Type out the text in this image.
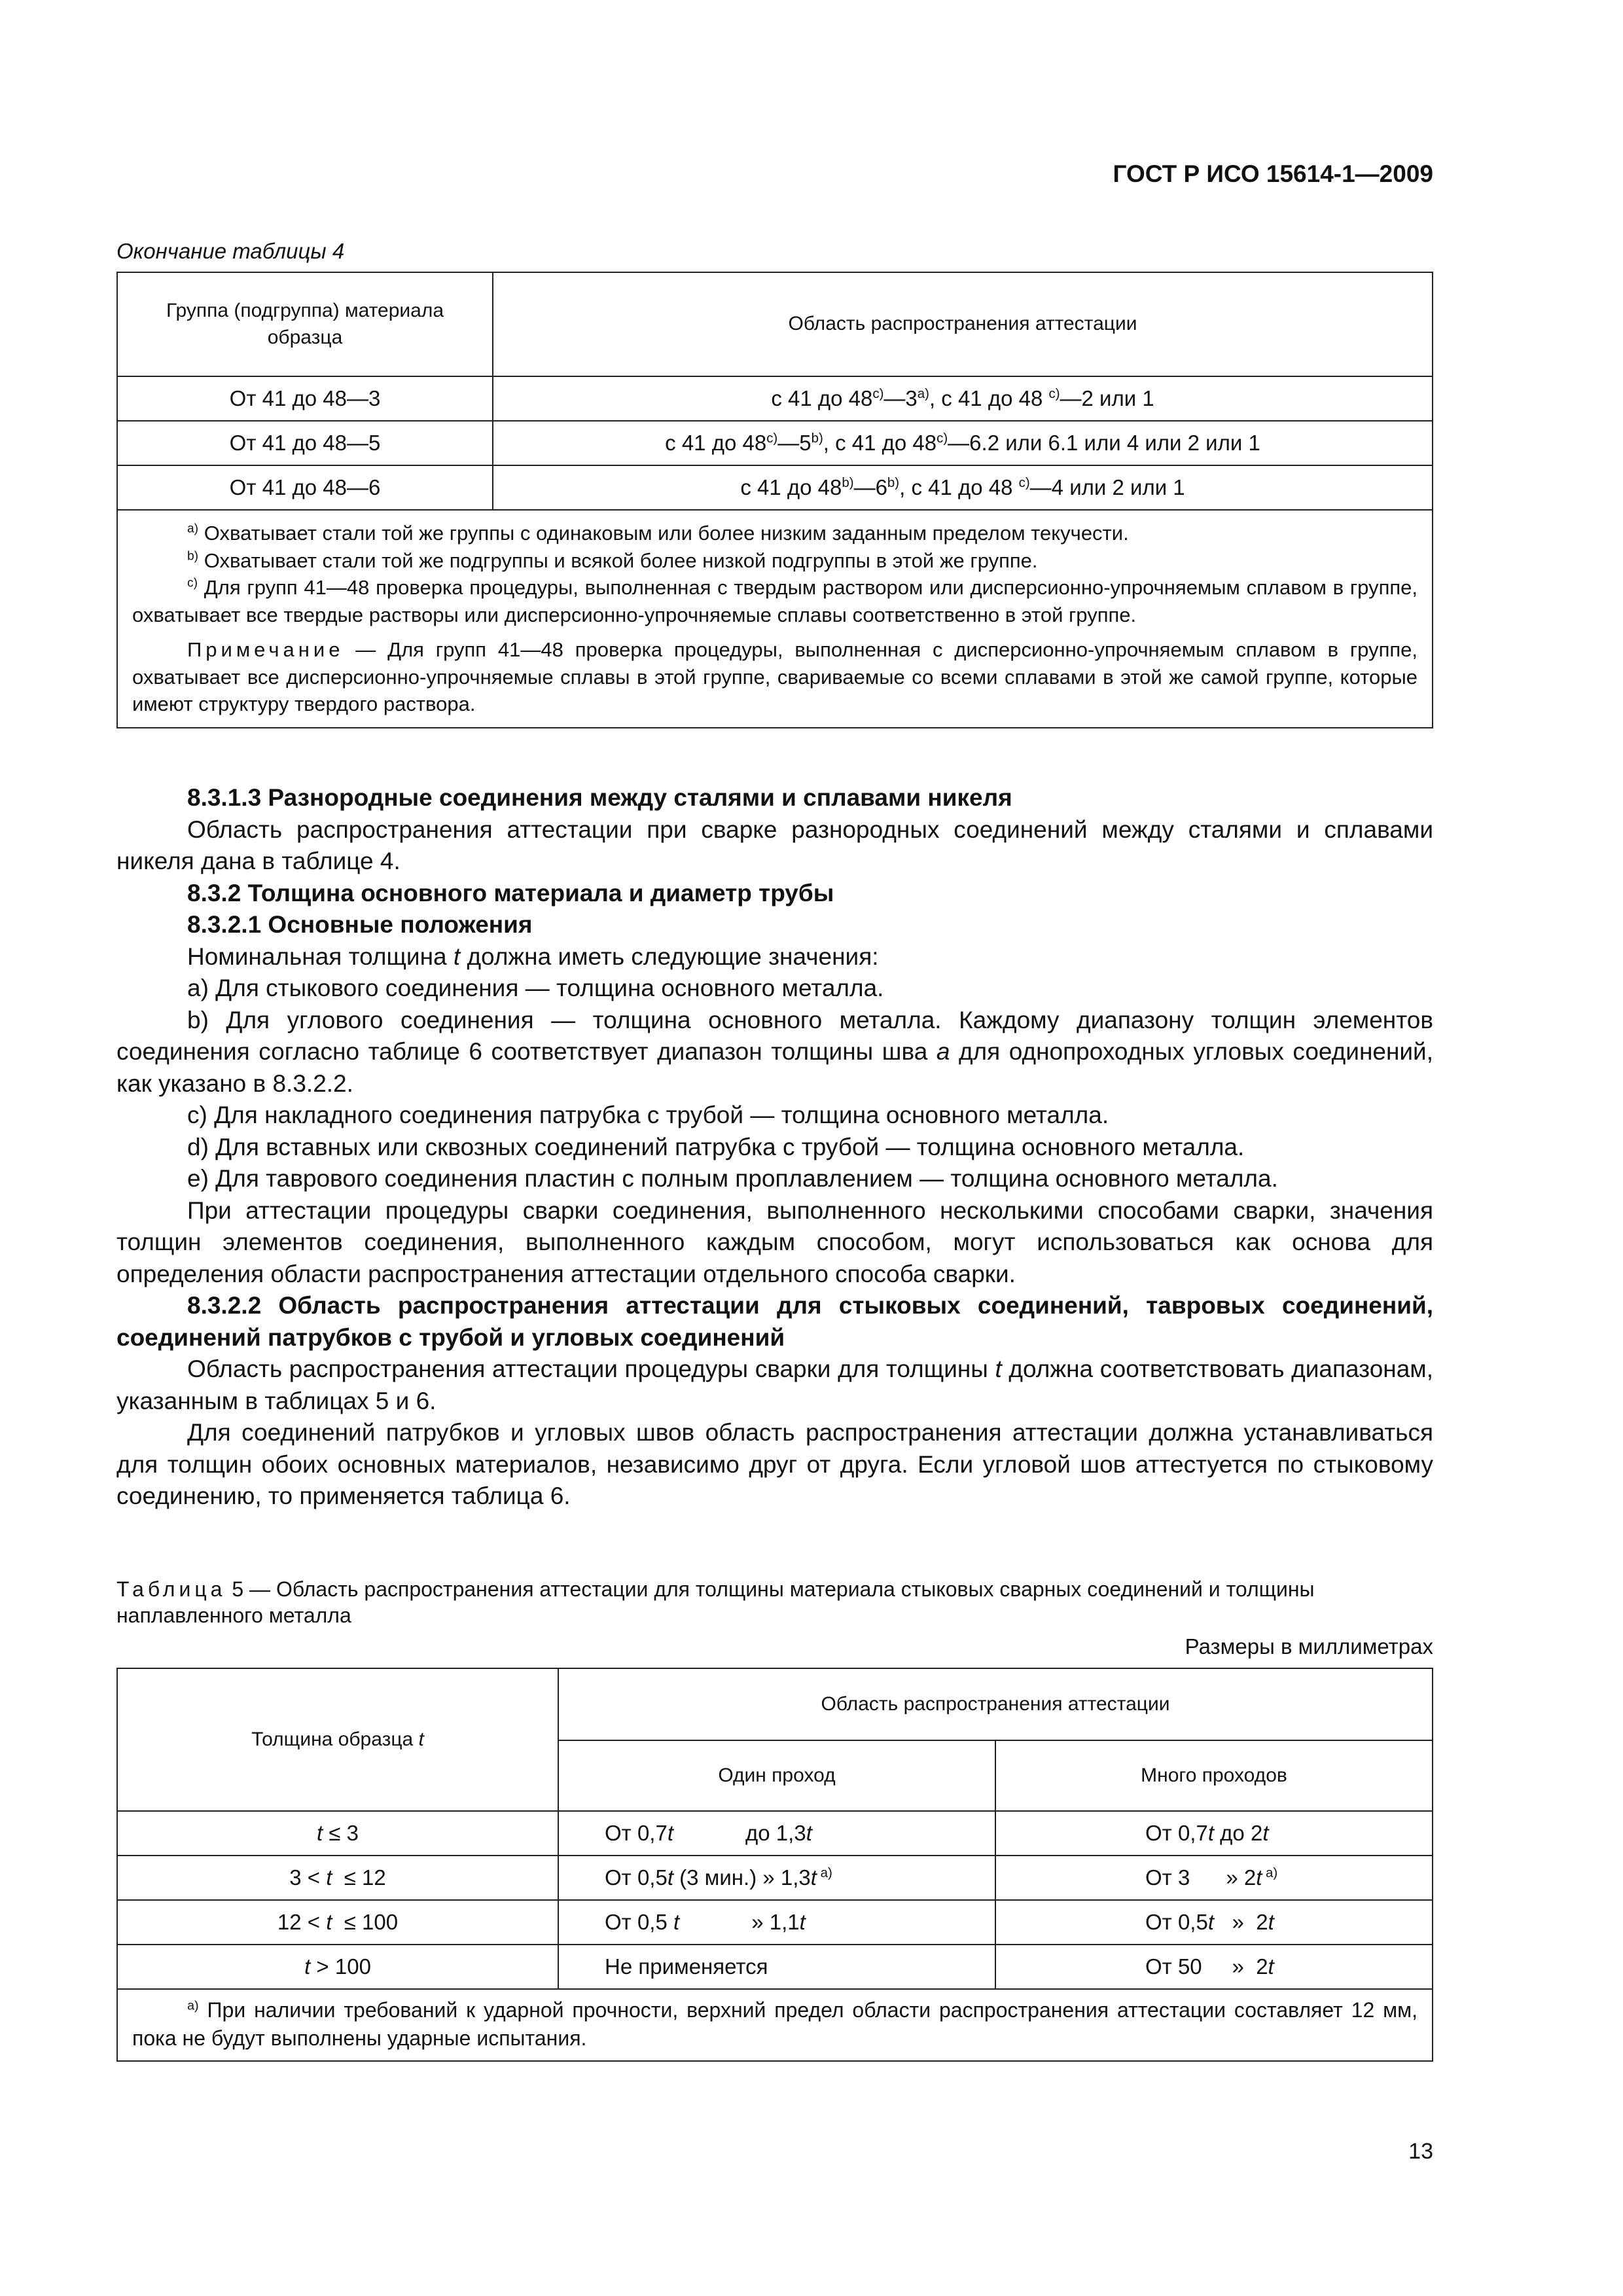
ГОСТ Р ИСО 15614-1—2009
Окончание таблицы 4
Группа (подгруппа) материала образца	Область распространения аттестации
От 41 до 48—3	с 41 до 48$^{c)}$—3$^{a)}$, с 41 до 48 $^{c)}$—2 или 1
От 41 до 48—5	с 41 до 48$^{c)}$—5$^{b)}$, с 41 до 48$^{c)}$—6.2 или 6.1 или 4 или 2 или 1
От 41 до 48—6	с 41 до 48$^{b)}$—6$^{b)}$, с 41 до 48 $^{c)}$—4 или 2 или 1

$^{a)}$ Охватывает стали той же группы с одинаковым или более низким заданным пределом текучести.

$^{b)}$ Охватывает стали той же подгруппы и всякой более низкой подгруппы в этой же группе.

$^{c)}$ Для групп 41—48 проверка процедуры, выполненная с твердым раствором или дисперсионно-упрочняемым сплавом в группе, охватывает все твердые растворы или дисперсионно-упрочняемые сплавы соответственно в этой группе.

Примечание — Для групп 41—48 проверка процедуры, выполненная с дисперсионно-упрочняемым сплавом в группе, охватывает все дисперсионно-упрочняемые сплавы в этой группе, свариваемые со всеми сплавами в этой же самой группе, которые имеют структуру твердого раствора.	

8.3.1.3 Разнородные соединения между сталями и сплавами никеля

Область распространения аттестации при сварке разнородных соединений между сталями и сплавами никеля дана в таблице 4.

8.3.2 Толщина основного материала и диаметр трубы

8.3.2.1 Основные положения

Номинальная толщина t должна иметь следующие значения:

a) Для стыкового соединения — толщина основного металла.

b) Для углового соединения — толщина основного металла. Каждому диапазону толщин элементов соединения согласно таблице 6 соответствует диапазон толщины шва a для однопроходных угловых соединений, как указано в 8.3.2.2.

c) Для накладного соединения патрубка с трубой — толщина основного металла.

d) Для вставных или сквозных соединений патрубка с трубой — толщина основного металла.

e) Для таврового соединения пластин с полным проплавлением — толщина основного металла.

При аттестации процедуры сварки соединения, выполненного несколькими способами сварки, значения толщин элементов соединения, выполненного каждым способом, могут использоваться как основа для определения области распространения аттестации отдельного способа сварки.

8.3.2.2 Область распространения аттестации для стыковых соединений, тавровых соединений, соединений патрубков с трубой и угловых соединений

Область распространения аттестации процедуры сварки для толщины t должна соответствовать диапазонам, указанным в таблицах 5 и 6.

Для соединений патрубков и угловых швов область распространения аттестации должна устанавливаться для толщин обоих основных материалов, независимо друг от друга. Если угловой шов аттестуется по стыковому соединению, то применяется таблица 6.

Таблица 5 — Область распространения аттестации для толщины материала стыковых сварных соединений и толщины наплавленного металла
Размеры в миллиметрах
Толщина образца t	Область распространения аттестации	
	Один проход	Много проходов
t ≤ 3	От 0,7t            до 1,3t	От 0,7t до 2t
3 < t  ≤ 12	От 0,5t (3 мин.) » 1,3t $^{a)}$	От 3      » 2t $^{a)}$
12 < t  ≤ 100	От 0,5 t            » 1,1t	От 0,5t   »  2t
t > 100	Не применяется	От 50     »  2t
$^{a)}$ При наличии требований к ударной прочности, верхний предел области распространения аттестации составляет 12 мм, пока не будут выполнены ударные испытания.		
13
